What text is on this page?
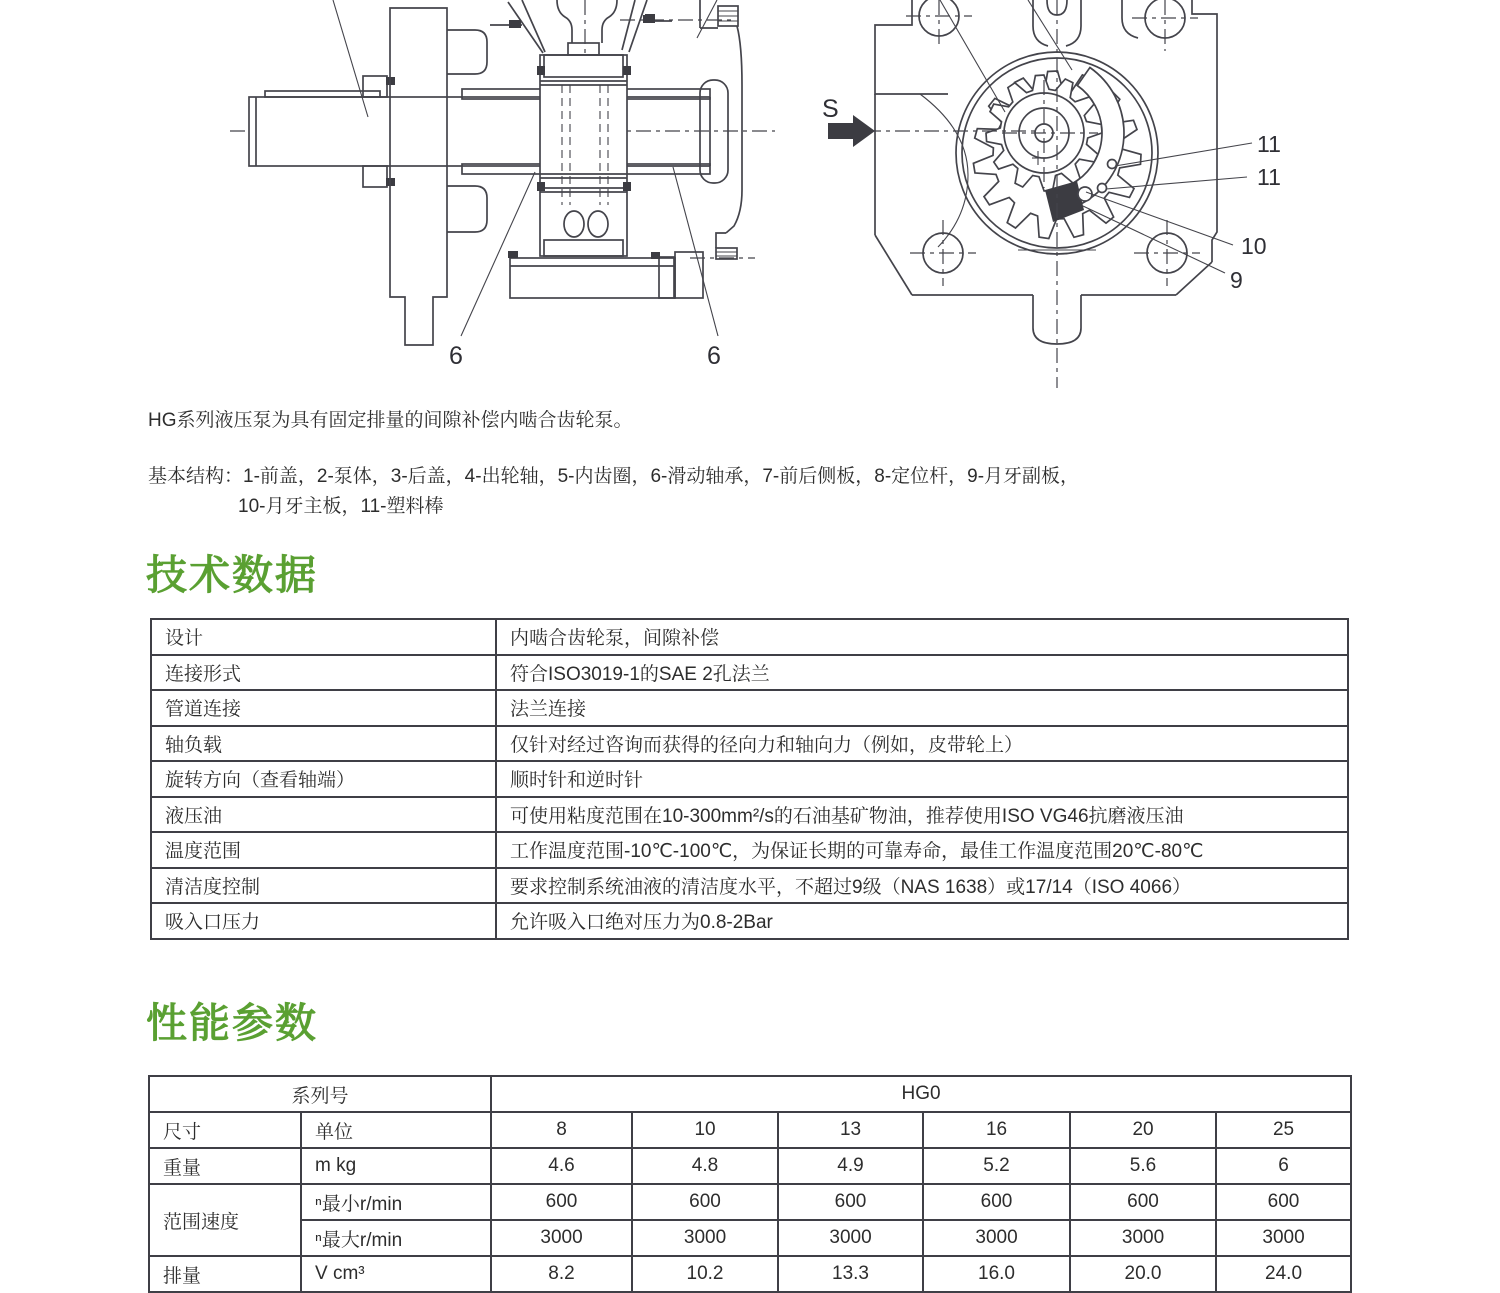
6	6
S
11
11
10
9
HG系列液压泵为具有固定排量的间隙补偿内啮合齿轮泵。
基本结构：1-前盖，2-泵体，3-后盖，4-出轮轴，5-内齿圈，6-滑动轴承，7-前后侧板，8-定位杆，9-月牙副板，
10-月牙主板，11-塑料棒
技术数据
设计	内啮合齿轮泵，间隙补偿
连接形式	符合ISO3019-1的SAE 2孔法兰
管道连接	法兰连接
轴负载	仅针对经过咨询而获得的径向力和轴向力（例如，皮带轮上）
旋转方向（查看轴端）	顺时针和逆时针
液压油	可使用粘度范围在10-300mm²/s的石油基矿物油，推荐使用ISO VG46抗磨液压油
温度范围	工作温度范围-10℃-100℃，为保证长期的可靠寿命，最佳工作温度范围20℃-80℃
清洁度控制	要求控制系统油液的清洁度水平，不超过9级（NAS 1638）或17/14（ISO 4066）
吸入口压力	允许吸入口绝对压力为0.8-2Bar
性能参数
系列号		HG0					
尺寸	单位	8	10	13	16	20	25
重量	m kg	4.6	4.8	4.9	5.2	5.6	6
范围速度	ⁿ最小r/min	600	600	600	600	600	600
	ⁿ最大r/min	3000	3000	3000	3000	3000	3000
排量	V cm³	8.2	10.2	13.3	16.0	20.0	24.0
